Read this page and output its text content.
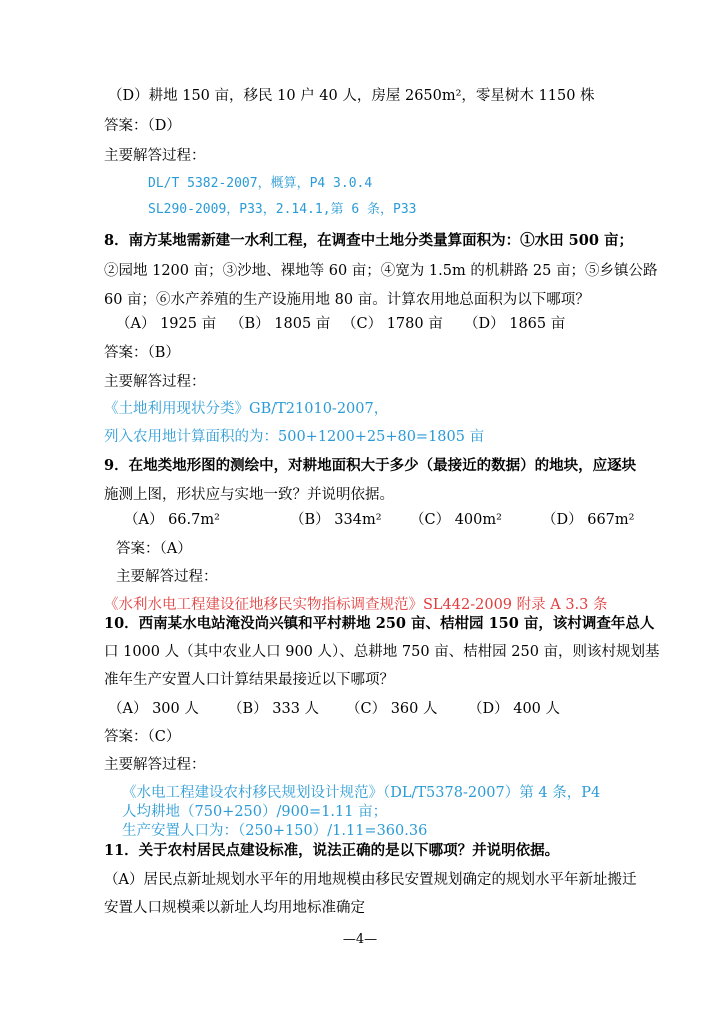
（D）耕地 150 亩，移民 10 户 40 人，房屋 2650m²，零星树木 1150 株
答案：（D）
主要解答过程：
DL/T 5382-2007，概算，P4 3.0.4
SL290-2009，P33，2.14.1,第 6 条，P33
8．南方某地需新建一水利工程，在调查中土地分类量算面积为：①水田 500 亩；
②园地 1200 亩；③沙地、裸地等 60 亩；④宽为 1.5m 的机耕路 25 亩；⑤乡镇公路
60 亩；⑥水产养殖的生产设施用地 80 亩。计算农用地总面积为以下哪项？
（A） 1925 亩 （B） 1805 亩 （C） 1780 亩 （D） 1865 亩
答案：（B）
主要解答过程：
《土地利用现状分类》GB/T21010-2007，
列入农用地计算面积的为：500+1200+25+80=1805 亩
9．在地类地形图的测绘中，对耕地面积大于多少（最接近的数据）的地块，应逐块
施测上图，形状应与实地一致？并说明依据。
（A） 66.7m²	（B） 334m² （C） 400m²	（D） 667m²
答案：（A）
主要解答过程：
《水利水电工程建设征地移民实物指标调查规范》SL442-2009 附录 A 3.3 条
10．西南某水电站淹没尚兴镇和平村耕地 250 亩、桔柑园 150 亩，该村调查年总人
口 1000 人（其中农业人口 900 人）、总耕地 750 亩、桔柑园 250 亩，则该村规划基
准年生产安置人口计算结果最接近以下哪项？
（A） 300 人 （B） 333 人 （C） 360 人 （D） 400 人
答案：（C）
主要解答过程：
《水电工程建设农村移民规划设计规范》（DL/T5378-2007）第 4 条，P4
人均耕地（750+250）/900=1.11 亩；
生产安置人口为：（250+150）/1.11=360.36
11．关于农村居民点建设标准，说法正确的是以下哪项？并说明依据。
（A）居民点新址规划水平年的用地规模由移民安置规划确定的规划水平年新址搬迁
安置人口规模乘以新址人均用地标准确定
—4—
